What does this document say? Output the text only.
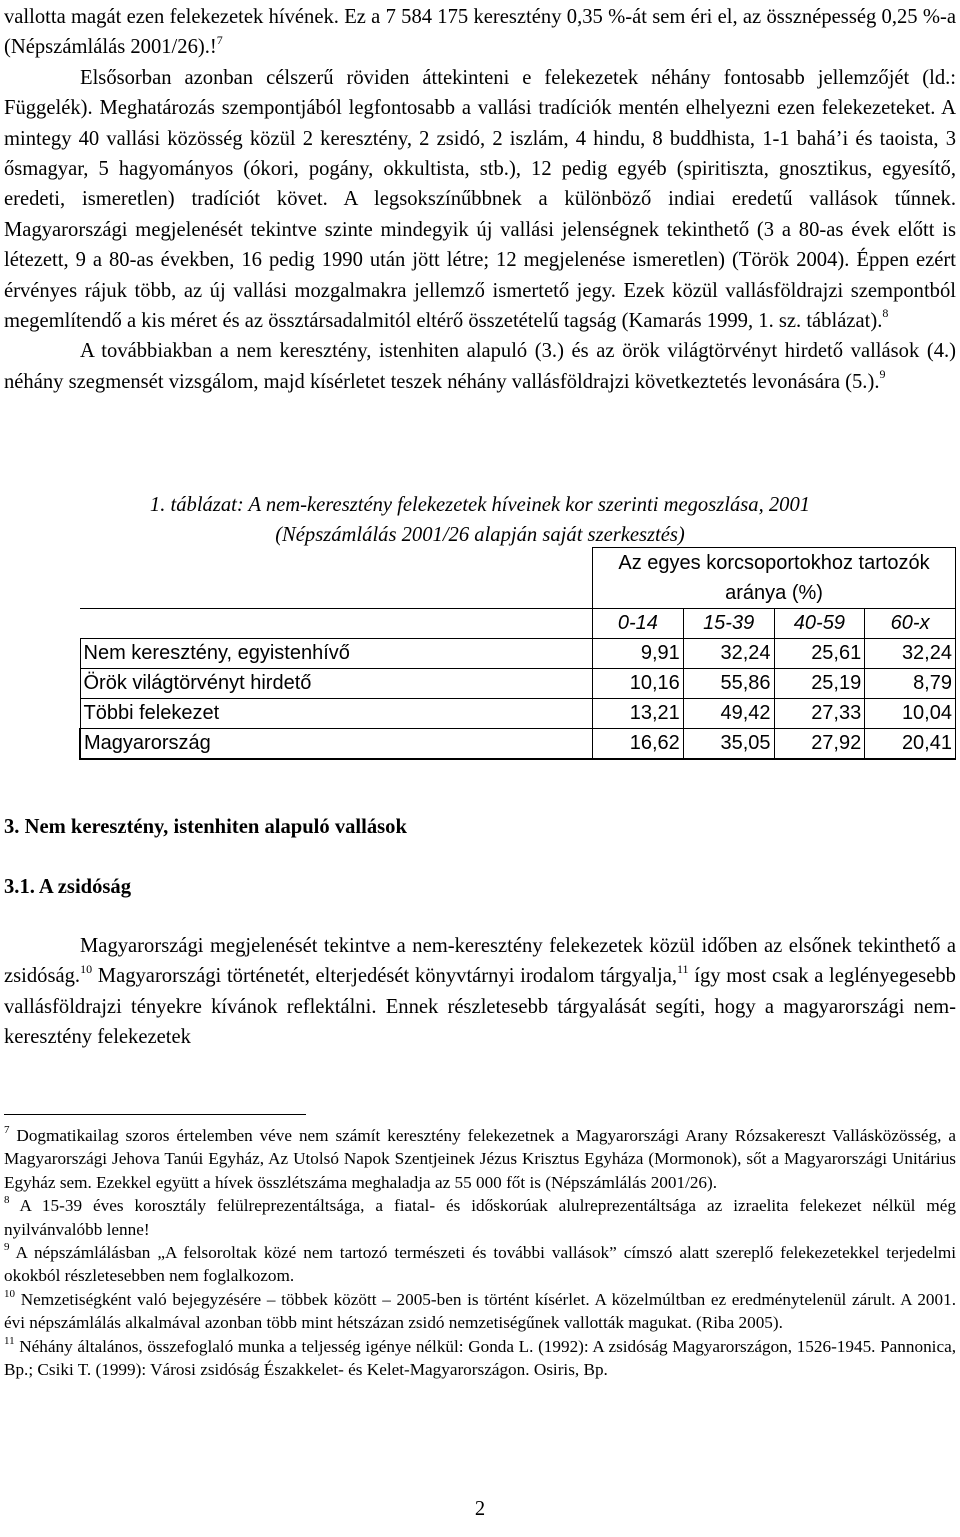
vallotta magát ezen felekezetek hívének. Ez a 7 584 175 keresztény 0,35 %-át sem éri el, az össznépesség 0,25 %-a (Népszámlálás 2001/26).!$^7$

Elsősorban azonban célszerű röviden áttekinteni e felekezetek néhány fontosabb jellemzőjét (ld.: Függelék). Meghatározás szempontjából legfontosabb a vallási tradíciók mentén elhelyezni ezen felekezeteket. A mintegy 40 vallási közösség közül 2 keresztény, 2 zsidó, 2 iszlám, 4 hindu, 8 buddhista, 1-1 bahá’i és taoista, 3 ősmagyar, 5 hagyományos (ókori, pogány, okkultista, stb.), 12 pedig egyéb (spiritiszta, gnosztikus, egyesítő, eredeti, ismeretlen) tradíciót követ. A legsokszínűbbnek a különböző indiai eredetű vallások tűnnek. Magyarországi megjelenését tekintve szinte mindegyik új vallási jelenségnek tekinthető (3 a 80-as évek előtt is létezett, 9 a 80-as években, 16 pedig 1990 után jött létre; 12 megjelenése ismeretlen) (Török 2004). Éppen ezért érvényes rájuk több, az új vallási mozgalmakra jellemző ismertető jegy. Ezek közül vallásföldrajzi szempontból megemlítendő a kis méret és az össztársadalmitól eltérő összetételű tagság (Kamarás 1999, 1. sz. táblázat).$^8$

A továbbiakban a nem keresztény, istenhiten alapuló (3.) és az örök világtörvényt hirdető vallások (4.) néhány szegmensét vizsgálom, majd kísérletet teszek néhány vallásföldrajzi következtetés levonására (5.).$^9$

1. táblázat: A nem-keresztény felekezetek híveinek kor szerinti megoszlása, 2001

(Népszámlálás 2001/26 alapján saját szerkesztés)

	Az egyes korcsoportokhoz tartozók aránya (%)			
	0-14	15-39	40-59	60-x
Nem keresztény, egyistenhívő	9,91	32,24	25,61	32,24
Örök világtörvényt hirdető	10,16	55,86	25,19	8,79
Többi felekezet	13,21	49,42	27,33	10,04
Magyarország	16,62	35,05	27,92	20,41

3. Nem keresztény, istenhiten alapuló vallások

3.1. A zsidóság

Magyarországi megjelenését tekintve a nem-keresztény felekezetek közül időben az elsőnek tekinthető a zsidóság.$^{10}$ Magyarországi történetét, elterjedését könyvtárnyi irodalom tárgyalja,$^{11}$ így most csak a leglényegesebb vallásföldrajzi tényekre kívánok reflektálni. Ennek részletesebb tárgyalását segíti, hogy a magyarországi nem-keresztény felekezetek

$^7$ Dogmatikailag szoros értelemben véve nem számít keresztény felekezetnek a Magyarországi Arany Rózsakereszt Vallásközösség, a Magyarországi Jehova Tanúi Egyház, Az Utolsó Napok Szentjeinek Jézus Krisztus Egyháza (Mormonok), sőt a Magyarországi Unitárius Egyház sem. Ezekkel együtt a hívek összlétszáma meghaladja az 55 000 főt is (Népszámlálás 2001/26).

$^8$ A 15-39 éves korosztály felülreprezentáltsága, a fiatal- és időskorúak alulreprezentáltsága az izraelita felekezet nélkül még nyilvánvalóbb lenne!

$^9$ A népszámlálásban „A felsoroltak közé nem tartozó természeti és további vallások” címszó alatt szereplő felekezetekkel terjedelmi okokból részletesebben nem foglalkozom.

$^{10}$ Nemzetiségként való bejegyzésére – többek között – 2005-ben is történt kísérlet. A közelmúltban ez eredménytelenül zárult. A 2001. évi népszámlálás alkalmával azonban több mint hétszázan zsidó nemzetiségűnek vallották magukat. (Riba 2005).

$^{11}$ Néhány általános, összefoglaló munka a teljesség igénye nélkül: Gonda L. (1992): A zsidóság Magyarországon, 1526-1945. Pannonica, Bp.; Csiki T. (1999): Városi zsidóság Északkelet- és Kelet-Magyarországon. Osiris, Bp.

2
